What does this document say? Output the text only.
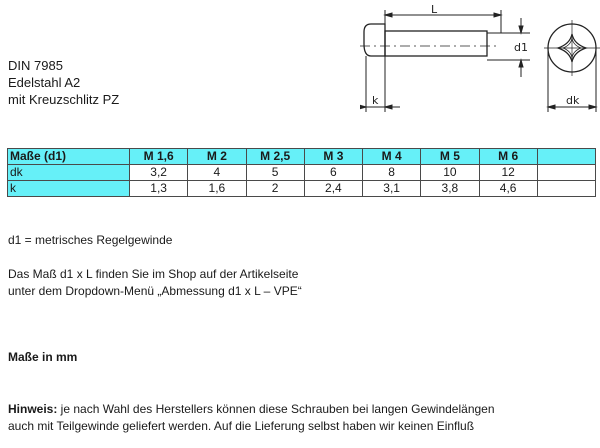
DIN 7985
Edelstahl A2
mit Kreuzschlitz PZ
L
d1
k	dk
Maße (d1)	M 1,6	M 2	M 2,5	M 3	M 4	M 5	M 6	
dk	3,2	4	5	6	8	10	12	
k	1,3	1,6	2	2,4	3,1	3,8	4,6	
d1 = metrisches Regelgewinde
Das Maß d1 x L finden Sie im Shop auf der Artikelseite
unter dem Dropdown-Menü „Abmessung d1 x L – VPE“
Maße in mm
Hinweis: je nach Wahl des Herstellers können diese Schrauben bei langen Gewindelängen
auch mit Teilgewinde geliefert werden. Auf die Lieferung selbst haben wir keinen Einfluß
